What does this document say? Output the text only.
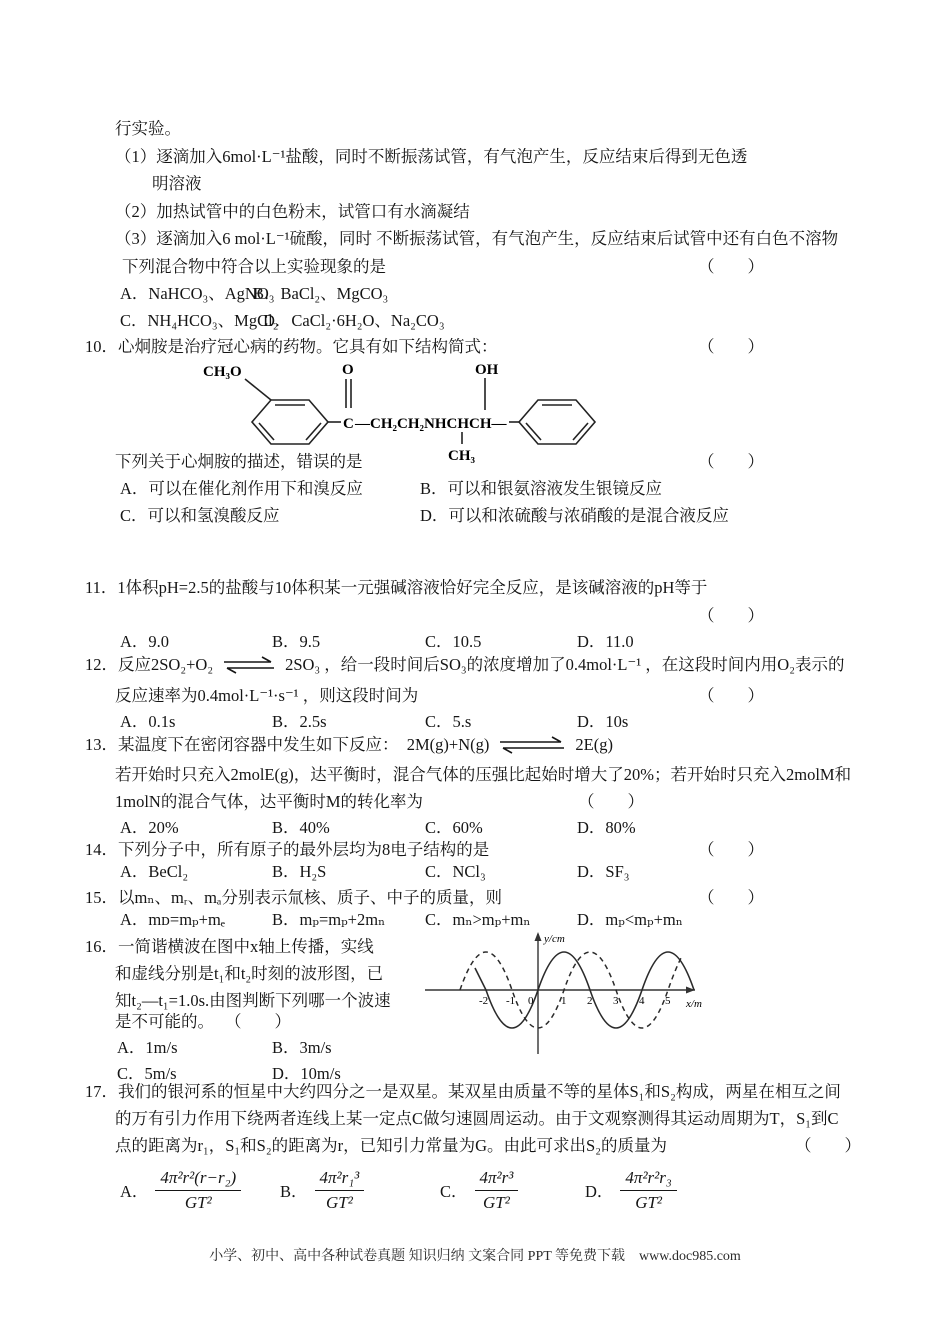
行实验。
（1）逐滴加入6mol·L⁻¹盐酸，同时不断振荡试管，有气泡产生，反应结束后得到无色透
明溶液
（2）加热试管中的白色粉末，试管口有水滴凝结
（3）逐滴加入6 mol·L⁻¹硫酸，同时 不断振荡试管，有气泡产生，反应结束后试管中还有白色不溶物
下列混合物中符合以上实验现象的是	（　　）
A．NaHCO₃、AgNO₃
B．BaCl₂、MgCO₃
C．NH₄HCO₃、MgCl₂
D．CaCl₂·6H₂O、Na₂CO₃
10．心炯胺是治疗冠心病的药物。它具有如下结构简式：	（　　）
CH₃O	O
C —CH₂CH₂NHCHCH—
OH
CH₃
下列关于心炯胺的描述，错误的是	（　　）
A．可以在催化剂作用下和溴反应	B．可以和银氨溶液发生银镜反应
C．可以和氢溴酸反应	D．可以和浓硫酸与浓硝酸的是混合液反应
11．1体积pH=2.5的盐酸与10体积某一元强碱溶液恰好完全反应，是该碱溶液的pH等于
（　　）
A．9.0	B．9.5	C．10.5	D．11.0
12．反应2SO₂+O₂ ⇌ 2SO₃ ，给一段时间后SO₃的浓度增加了0.4mol·L⁻¹ ，在这段时间内用O₂表示的
反应速率为0.4mol·L⁻¹·s⁻¹ ，则这段时间为	（　　）
A．0.1s	B．2.5s	C．5.s	D．10s
13．某温度下在密闭容器中发生如下反应：　2M(g)+N(g)	2E(g)
若开始时只充入2molE(g)，达平衡时，混合气体的压强比起始时增大了20%；若开始时只充入2molM和
1molN的混合气体，达平衡时M的转化率为	（　　）
A．20%	B．40%	C．60%	D．80%
14．下列分子中，所有原子的最外层均为8电子结构的是	（　　）
A．BeCl₂	B．H₂S	C．NCl₃	D．SF₃
15．以mₙ、mᵣ、mₐ分别表示氚核、质子、中子的质量，则	（　　）
A．mᴅ=mₚ+mₑ	B．mₚ=mₚ+2mₙ C．mₙ>mₚ+mₙ	D．mₚ<mₚ+mₙ
16．一简谐横波在图中x轴上传播，实线
和虚线分别是t₁和t₂时刻的波形图，已
知t₂—t₁=1.0s.由图判断下列哪一个波速
是不可能的。 （　　）
A．1m/s	B．3m/s
C．5m/s	D．10m/s
y/cm
x/m
-2 -1 0	1 2 3 4 5
17．我们的银河系的恒星中大约四分之一是双星。某双星由质量不等的星体S₁和S₂构成，两星在相互之间
的万有引力作用下绕两者连线上某一定点C做匀速圆周运动。由于文观察测得其运动周期为T，S₁到C
点的距离为r₁，S₁和S₂的距离为r，已知引力常量为G。由此可求出S₂的质量为	（　　）
A． $\frac{\text{4π²r²(r−r₂)}}{\text{GT²}}$ B． $\frac{\text{4π²r₁³}}{\text{GT²}}$	C． $\frac{\text{4π²r³}}{\text{GT²}}$	D． $\frac{\text{4π²r²r₃}}{\text{GT²}}$
小学、初中、高中各种试卷真题 知识归纳 文案合同 PPT 等免费下载　www.doc985.com
